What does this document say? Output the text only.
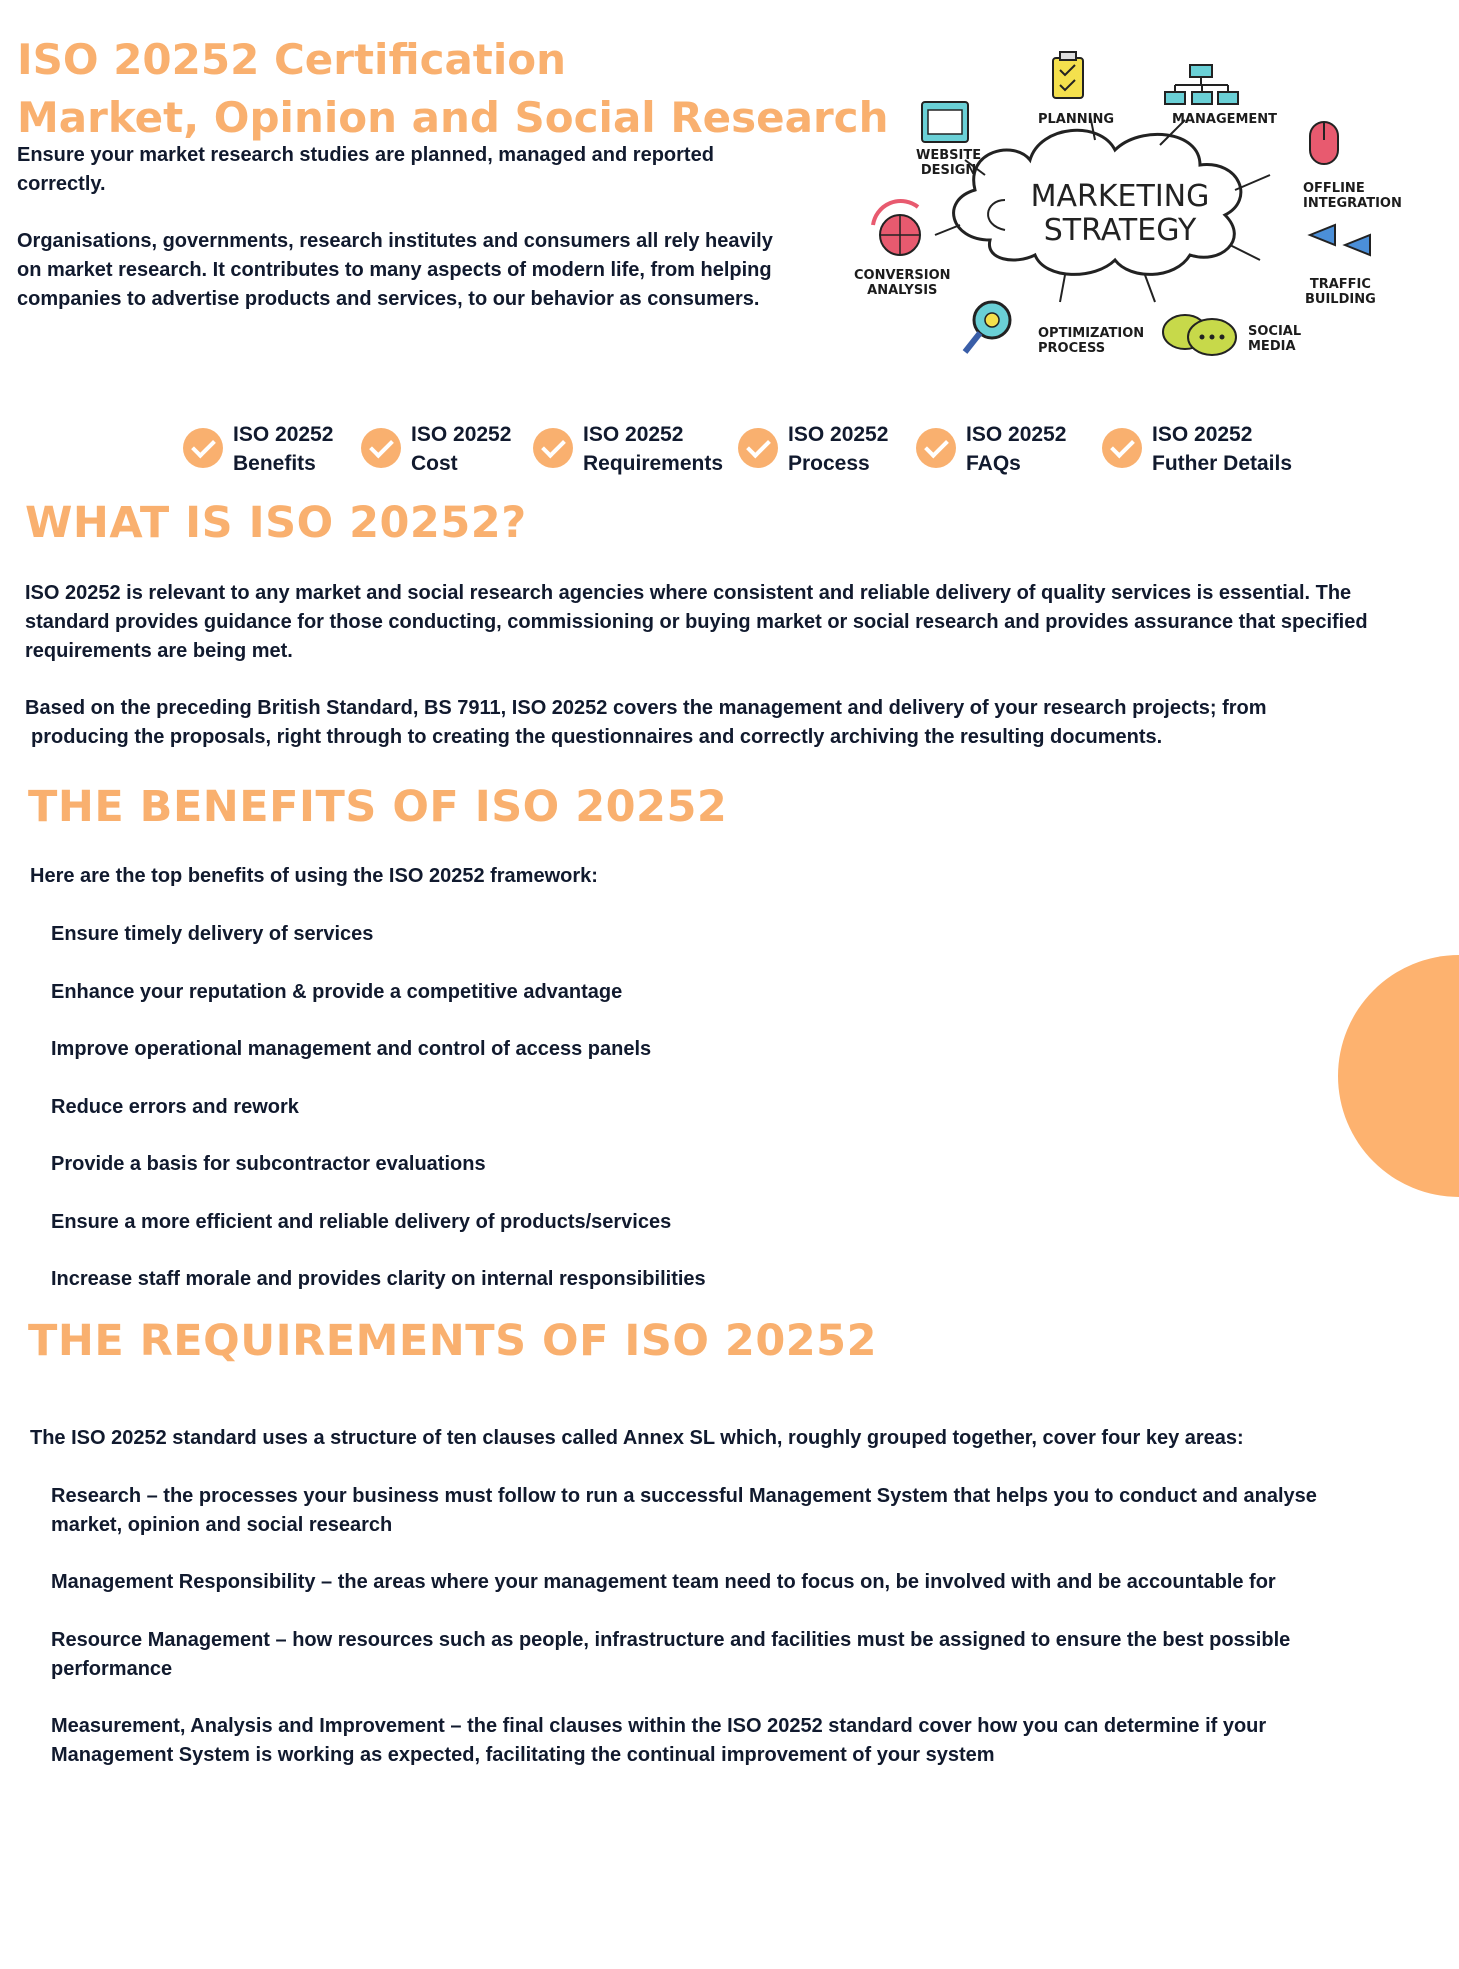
ISO 20252 Certification
Market, Opinion and Social Research
Ensure your market research studies are planned, managed and reported correctly.
Organisations, governments, research institutes and consumers all rely heavily on market research. It contributes to many aspects of modern life, from helping companies to advertise products and services, to our behavior as consumers.
MARKETING
STRATEGY
PLANNING	MANAGEMENT
WEBSITE
DESIGN
OFFLINE
INTEGRATION
CONVERSION
ANALYSIS	TRAFFIC
BUILDING
OPTIMIZATION
PROCESS
SOCIAL
MEDIA
ISO 20252
Benefits
ISO 20252
Cost
ISO 20252
Requirements
ISO 20252
Process
ISO 20252
FAQs
ISO 20252
Futher Details
WHAT IS ISO 20252?
ISO 20252 is relevant to any market and social research agencies where consistent and reliable delivery of quality services is essential. The standard provides guidance for those conducting, commissioning or buying market or social research and provides assurance that specified requirements are being met.
Based on the preceding British Standard, BS 7911, ISO 20252 covers the management and delivery of your research projects; from
producing the proposals, right through to creating the questionnaires and correctly archiving the resulting documents.
THE BENEFITS OF ISO 20252
Here are the top benefits of using the ISO 20252 framework:
Ensure timely delivery of services
Enhance your reputation & provide a competitive advantage
Improve operational management and control of access panels
Reduce errors and rework
Provide a basis for subcontractor evaluations
Ensure a more efficient and reliable delivery of products/services
Increase staff morale and provides clarity on internal responsibilities
THE REQUIREMENTS OF ISO 20252
The ISO 20252 standard uses a structure of ten clauses called Annex SL which, roughly grouped together, cover four key areas:
Research – the processes your business must follow to run a successful Management System that helps you to conduct and analyse market, opinion and social research
Management Responsibility – the areas where your management team need to focus on, be involved with and be accountable for
Resource Management – how resources such as people, infrastructure and facilities must be assigned to ensure the best possible performance
Measurement, Analysis and Improvement – the final clauses within the ISO 20252 standard cover how you can determine if your Management System is working as expected, facilitating the continual improvement of your system
